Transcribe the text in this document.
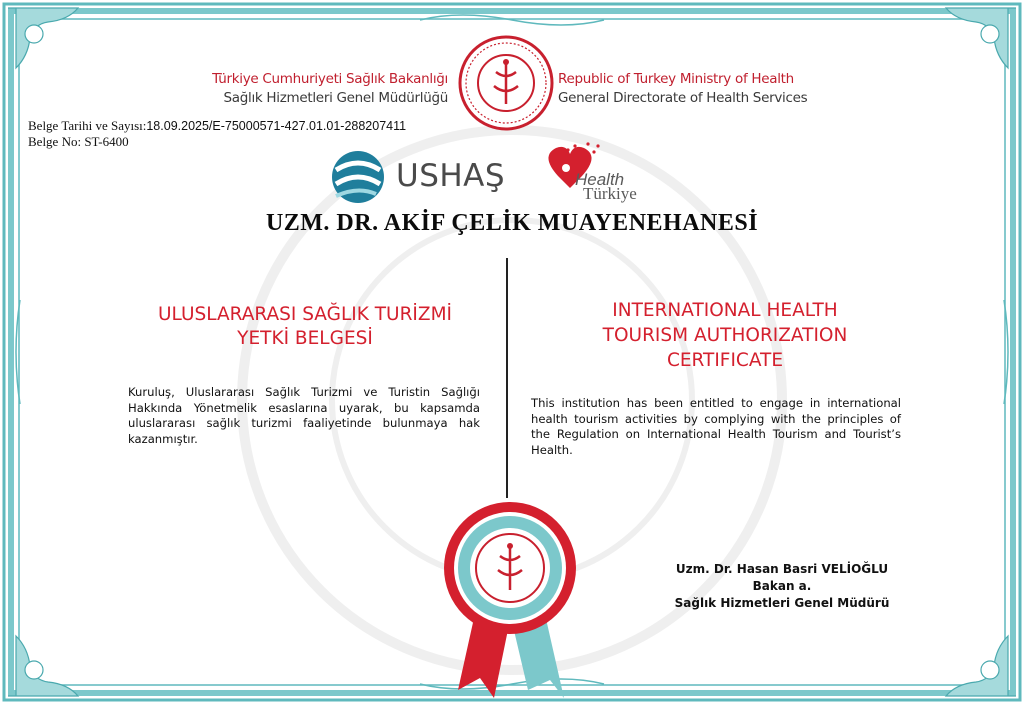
Türkiye Cumhuriyeti Sağlık Bakanlığı
Sağlık Hizmetleri Genel Müdürlüğü
Republic of Turkey Ministry of Health
General Directorate of Health Services
Belge Tarihi ve Sayısı:18.09.2025/E-75000571-427.01.01-288207411
Belge No: ST-6400
USHAŞ	Health
Türkiye
UZM. DR. AKİF ÇELİK MUAYENEHANESİ
ULUSLARARASI SAĞLIK TURİZMİ
YETKİ BELGESİ
INTERNATIONAL HEALTH
TOURISM AUTHORIZATION
CERTIFICATE
Kuruluş, Uluslararası Sağlık Turizmi ve Turistin Sağlığı Hakkında Yönetmelik esaslarına uyarak, bu kapsamda uluslararası sağlık turizmi faaliyetinde bulunmaya hak kazanmıştır.
This institution has been entitled to engage in international health tourism activities by complying with the principles of the Regulation on International Health Tourism and Tourist’s Health.
Uzm. Dr. Hasan Basri VELİOĞLU
Bakan a.
Sağlık Hizmetleri Genel Müdürü
